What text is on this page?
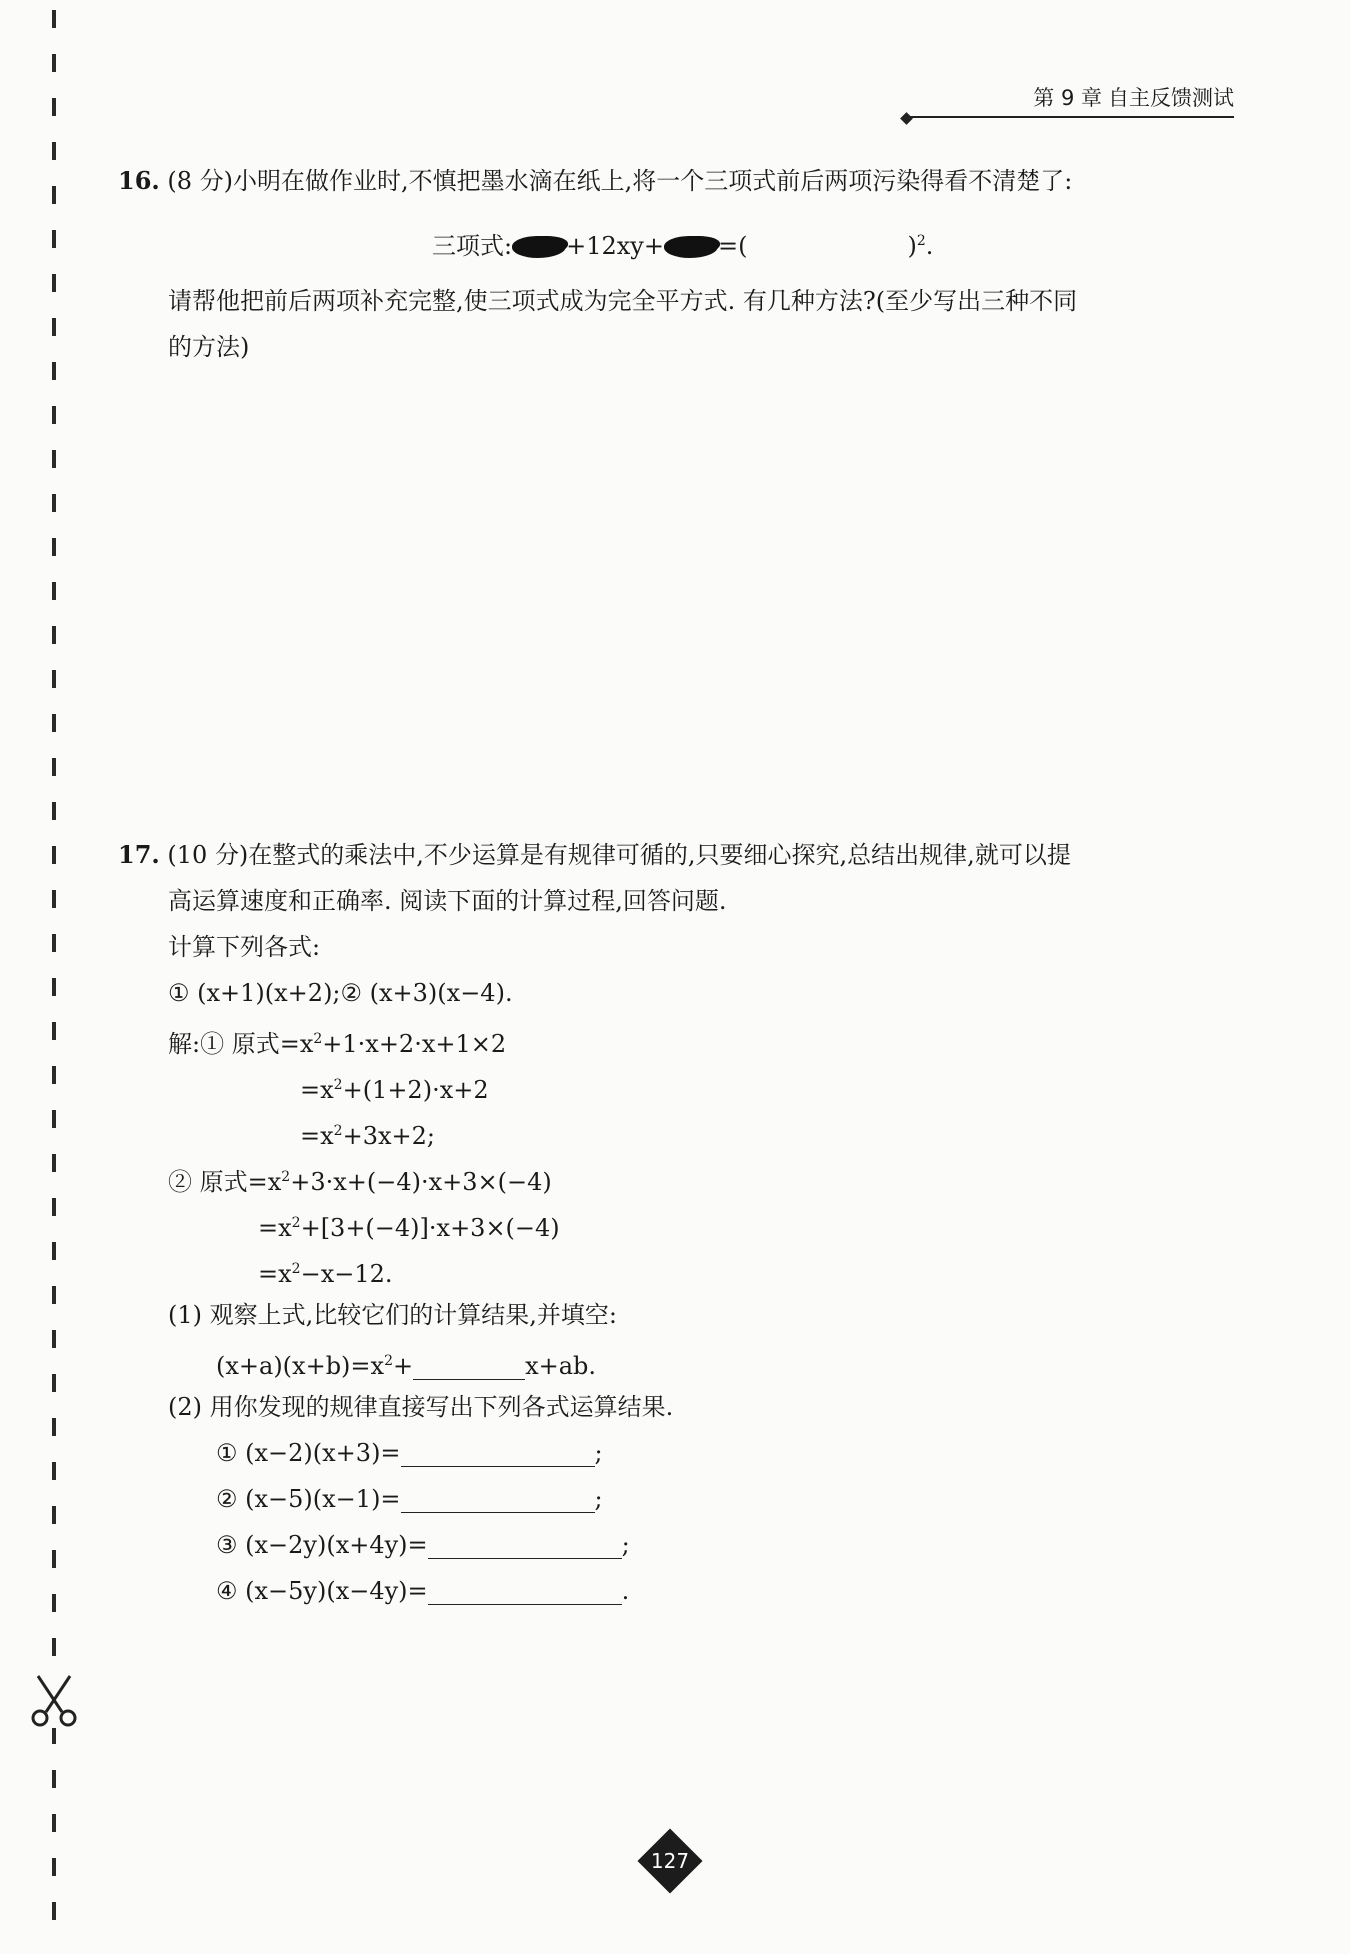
第 9 章 自主反馈测试
16. (8 分)小明在做作业时,不慎把墨水滴在纸上,将一个三项式前后两项污染得看不清楚了:
三项式: +12xy+ =(	)$^2$.
请帮他把前后两项补充完整,使三项式成为完全平方式. 有几种方法?(至少写出三种不同
的方法)
17. (10 分)在整式的乘法中,不少运算是有规律可循的,只要细心探究,总结出规律,就可以提
高运算速度和正确率. 阅读下面的计算过程,回答问题.
计算下列各式:
① (x+1)(x+2);② (x+3)(x−4).
解:① 原式$=x^2+1\cdot x+2\cdot x+1\times 2$
$=x^2+(1+2)\cdot x+2$
$=x^2+3x+2$;
② 原式$=x^2+3\cdot x+(-4)\cdot x+3\times(-4)$
$=x^2+[3+(-4)]\cdot x+3\times(-4)$
$=x^2-x-12$.
(1) 观察上式,比较它们的计算结果,并填空:
$(x+a)(x+b)=x^2+$	x+ab.
(2) 用你发现的规律直接写出下列各式运算结果.
① (x−2)(x+3)=	;
② (x−5)(x−1)=	;
③ (x−2y)(x+4y)=	;
④ (x−5y)(x−4y)=	.
127
